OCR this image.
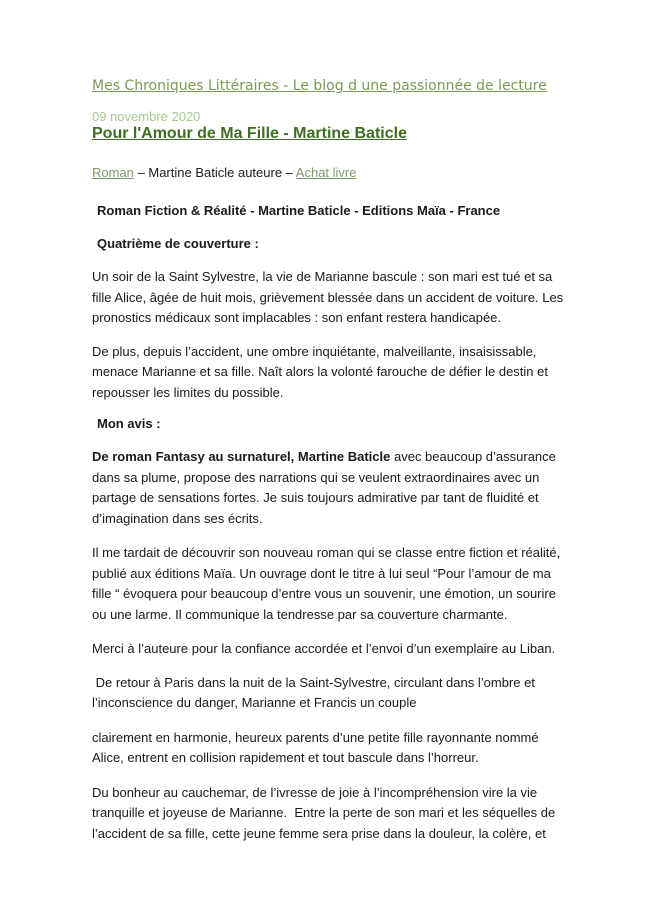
Mes Chroniques Littéraires - Le blog d une passionnée de lecture

09 novembre 2020

Pour l'Amour de Ma Fille - Martine Baticle

Roman – Martine Baticle auteure – Achat livre

Roman Fiction & Réalité - Martine Baticle - Editions Maïa - France

Quatrième de couverture :

Un soir de la Saint Sylvestre, la vie de Marianne bascule : son mari est tué et sa
fille Alice, âgée de huit mois, grièvement blessée dans un accident de voiture. Les
pronostics médicaux sont implacables : son enfant restera handicapée.

De plus, depuis l’accident, une ombre inquiétante, malveillante, insaisissable,
menace Marianne et sa fille. Naît alors la volonté farouche de défier le destin et
repousser les limites du possible.

Mon avis :

De roman Fantasy au surnaturel, Martine Baticle avec beaucoup d’assurance
dans sa plume, propose des narrations qui se veulent extraordinaires avec un
partage de sensations fortes. Je suis toujours admirative par tant de fluidité et
d’imagination dans ses écrits.

Il me tardait de découvrir son nouveau roman qui se classe entre fiction et réalité,
publié aux éditions Maïa. Un ouvrage dont le titre à lui seul “Pour l’amour de ma
fille “ évoquera pour beaucoup d’entre vous un souvenir, une émotion, un sourire
ou une larme. Il communique la tendresse par sa couverture charmante.

Merci à l’auteure pour la confiance accordée et l’envoi d’un exemplaire au Liban.

De retour à Paris dans la nuit de la Saint-Sylvestre, circulant dans l’ombre et
l’inconscience du danger, Marianne et Francis un couple

clairement en harmonie, heureux parents d’une petite fille rayonnante nommé
Alice, entrent en collision rapidement et tout bascule dans l’horreur.

Du bonheur au cauchemar, de l’ivresse de joie à l’incompréhension vire la vie
tranquille et joyeuse de Marianne.  Entre la perte de son mari et les séquelles de
l’accident de sa fille, cette jeune femme sera prise dans la douleur, la colère, et
